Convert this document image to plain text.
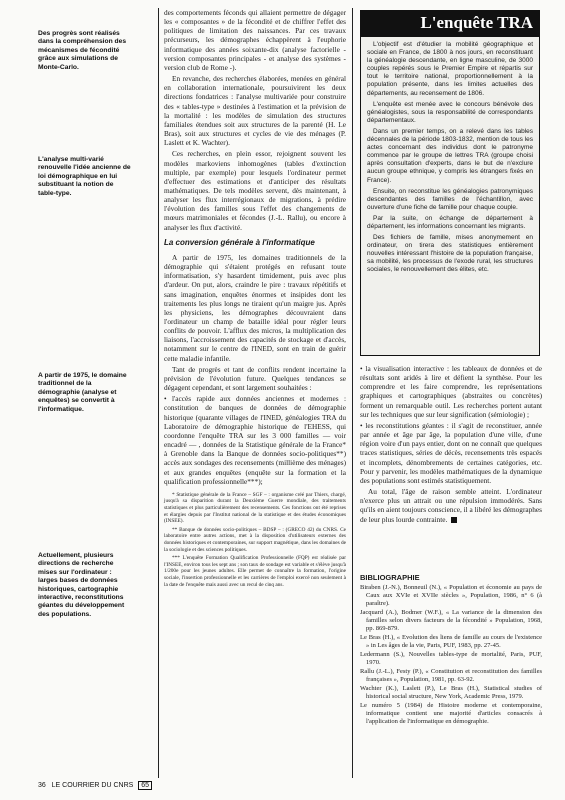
Des progrès sont réalisés dans la compréhension des mécanismes de fécondité grâce aux simulations de Monte-Carlo.
L'analyse multi-varié renouvelle l'idée ancienne de loi démographique en lui substituant la notion de table-type.
A partir de 1975, le domaine traditionnel de la démographie (analyse et enquêtes) se convertit à l'informatique.
Actuellement, plusieurs directions de recherche mises sur l'ordinateur : larges bases de données historiques, cartographie interactive, reconstitutions géantes du développement des populations.

des comportements féconds qui allaient permettre de dégager les « composantes » de la fécondité et de chiffrer l'effet des politiques de limitation des naissances. Par ces travaux précurseurs, les démographes échappèrent à l'euphorie informatique des années soixante-dix (analyse factorielle - version composantes principales - et analyse des systèmes - version club de Rome -).

En revanche, des recherches élaborées, menées en général en collaboration internationale, poursuivirent les deux directions fondatrices : l'analyse multivariée pour construire des « tables-type » destinées à l'estimation et la prévision de la mortalité : les modèles de simulation des structures familiales étendues soit aux structures de la parenté (H. Le Bras), soit aux structures et cycles de vie des ménages (P. Laslett et K. Wachter).

Ces recherches, en plein essor, rejoignent souvent les modèles markoviens inhomogènes (tables d'extinction multiple, par exemple) pour lesquels l'ordinateur permet d'effectuer des estimations et d'anticiper des résultats mathématiques. De tels modèles servent, dès maintenant, à analyser les flux interrégionaux de migrations, à prédire l'évolution des familles sous l'effet des changements de mœurs matrimoniales et fécondes (J.-L. Rallu), ou encore à analyser les flux d'activité.

La conversion générale à l'informatique

A partir de 1975, les domaines traditionnels de la démographie qui s'étaient protégés en refusant toute informatisation, s'y hasardent timidement, puis avec plus d'ardeur. On put, alors, craindre le pire : travaux répétitifs et sans imagination, enquêtes énormes et insipides dont les traitements les plus longs ne tiraient qu'un maigre jus. Après les physiciens, les démographes découvraient dans l'ordinateur un champ de bataille idéal pour régler leurs conflits de pouvoir. L'afflux des micros, la multiplication des liaisons, l'accroissement des capacités de stockage et d'accès, notamment sur le centre de l'INED, sont en train de guérir cette maladie infantile.

Tant de progrès et tant de conflits rendent incertaine la prévision de l'évolution future. Quelques tendances se dégagent cependant, et sont largement souhaitées :

• l'accès rapide aux données anciennes et modernes : constitution de banques de données de démographie historique (quarante villages de l'INED, généalogies TRA du Laboratoire de démographie historique de l'EHESS, qui coordonne l'enquête TRA sur les 3 000 familles — voir encadré — , données de la Statistique générale de la France* à Grenoble dans la Banque de données socio-politiques**) accès aux sondages des recensements (millième des ménages) et aux grandes enquêtes (enquête sur la formation et la qualification professionnelle***);

* Statistique générale de la France – SGF – : organisme créé par Thiers, chargé, jusqu'à sa disparition durant la Deuxième Guerre mondiale, des traitements statistiques et plus particulièrement des recensements. Ces fonctions ont été reprises et élargies depuis par l'Institut national de la statistique et des études économiques (INSEE).

** Banque de données socio-politiques – BDSP – : (GRECO 42) du CNRS. Ce laboratoire entre autres actions, met à la disposition d'utilisateurs externes des données historiques et contemporaines, sur support magnétique, dans les domaines de la sociologie et des sciences politiques.

*** L'enquête Formation Qualification Professionnelle (FQP) est réalisée par l'INSEE, environ tous les sept ans ; son taux de sondage est variable et s'élève jusqu'à 1/200e pour les jeunes adultes. Elle permet de connaître la formation, l'origine sociale, l'insertion professionnelle et les carrières de l'emploi exercé non seulement à la date de l'enquête mais aussi avec un recul de cinq ans.

L'enquête TRA

L'objectif est d'étudier la mobilité géographique et sociale en France, de 1800 à nos jours, en reconstituant la généalogie descendante, en ligne masculine, de 3000 couples repérés sous le Premier Empire et répartis sur tout le territoire national, proportionnellement à la population présente, dans les limites actuelles des départements, au recensement de 1806.

L'enquête est menée avec le concours bénévole des généalogistes, sous la responsabilité de correspondants départementaux.

Dans un premier temps, on a relevé dans les tables décennales de la période 1803-1832, mention de tous les actes concernant des individus dont le patronyme commence par le groupe de lettres TRA (groupe choisi après consultation d'experts, dans le but de n'exclure aucun groupe ethnique, y compris les étrangers fixés en France).

Ensuite, on reconstitue les généalogies patronymiques descendantes des familles de l'échantillon, avec ouverture d'une fiche de famille pour chaque couple.

Par la suite, on échange de département à département, les informations concernant les migrants.

Des fichiers de famille, mises anonymement en ordinateur, on tirera des statistiques entièrement nouvelles intéressant l'histoire de la population française, sa mobilité, les processus de l'exode rural, les structures sociales, le renouvellement des élites, etc.

• la visualisation interactive : les tableaux de données et de résultats sont aridés à lire et défient la synthèse. Pour les comprendre et les faire comprendre, les représentations graphiques et cartographiques (abstraites ou concrètes) forment un remarquable outil. Les recherches portent autant sur les techniques que sur leur signification (sémiologie) ;

• les reconstitutions géantes : il s'agit de reconstituer, année par année et âge par âge, la population d'une ville, d'une région voire d'un pays entier, dont on ne connaît que quelques traces statistiques, séries de décès, recensements très espacés et incomplets, dénombrements de certaines catégories, etc. Pour y parvenir, les modèles mathématiques de la dynamique des populations sont estimés statistiquement.

Au total, l'âge de raison semble atteint. L'ordinateur n'exerce plus un attrait ou une répulsion immodérés. Sans qu'ils en aient toujours conscience, il a libéré les démographes de leur plus lourde contrainte.

BIBLIOGRAPHIE

Biraben (J.-N.), Bonneuil (N.), « Population et économie au pays de Caux aux XVIe et XVIIe siècles », Population, 1986, n° 6 (à paraître).

Jacquard (A.), Bodmer (W.F.), « La variance de la dimension des familles selon divers facteurs de la fécondité » Population, 1968, pp. 869-879.

Le Bras (H.), « Evolution des liens de famille au cours de l'existence » in Les âges de la vie, Paris, PUF, 1983, pp. 27-45.

Ledermann (S.), Nouvelles tables-type de mortalité, Paris, PUF, 1970.

Rallu (J.-L.), Festy (P.), « Constitution et reconstitution des familles françaises », Population, 1981, pp. 63-92.

Wachter (K.), Laslett (P.), Le Bras (H.), Statistical studies of historical social structure, New York, Academic Press, 1979.

Le numéro 5 (1984) de Histoire moderne et contemporaine, informatique contient une majorité d'articles consacrés à l'application de l'informatique en démographie.

36 LE COURRIER DU CNRS 65
